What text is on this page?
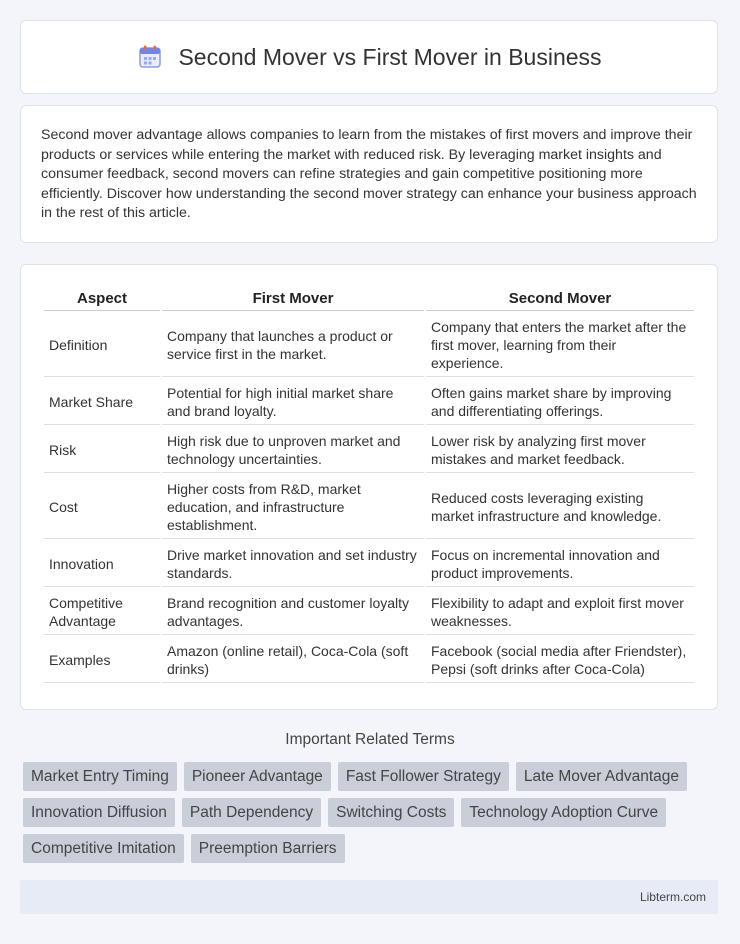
Second Mover vs First Mover in Business

Second mover advantage allows companies to learn from the mistakes of first movers and improve their products or services while entering the market with reduced risk. By leveraging market insights and consumer feedback, second movers can refine strategies and gain competitive positioning more efficiently. Discover how understanding the second mover strategy can enhance your business approach in the rest of this article.

Aspect	First Mover	Second Mover
Definition	Company that launches a product or service first in the market.	Company that enters the market after the first mover, learning from their experience.
Market Share	Potential for high initial market share and brand loyalty.	Often gains market share by improving and differentiating offerings.
Risk	High risk due to unproven market and technology uncertainties.	Lower risk by analyzing first mover mistakes and market feedback.
Cost	Higher costs from R&D, market education, and infrastructure establishment.	Reduced costs leveraging existing market infrastructure and knowledge.
Innovation	Drive market innovation and set industry standards.	Focus on incremental innovation and product improvements.
Competitive Advantage	Brand recognition and customer loyalty advantages.	Flexibility to adapt and exploit first mover weaknesses.
Examples	Amazon (online retail), Coca-Cola (soft drinks)	Facebook (social media after Friendster), Pepsi (soft drinks after Coca-Cola)
Important Related Terms
Market Entry Timing	Pioneer Advantage	Fast Follower Strategy	Late Mover Advantage
Innovation Diffusion	Path Dependency	Switching Costs	Technology Adoption Curve
Competitive Imitation	Preemption Barriers
Libterm.com
